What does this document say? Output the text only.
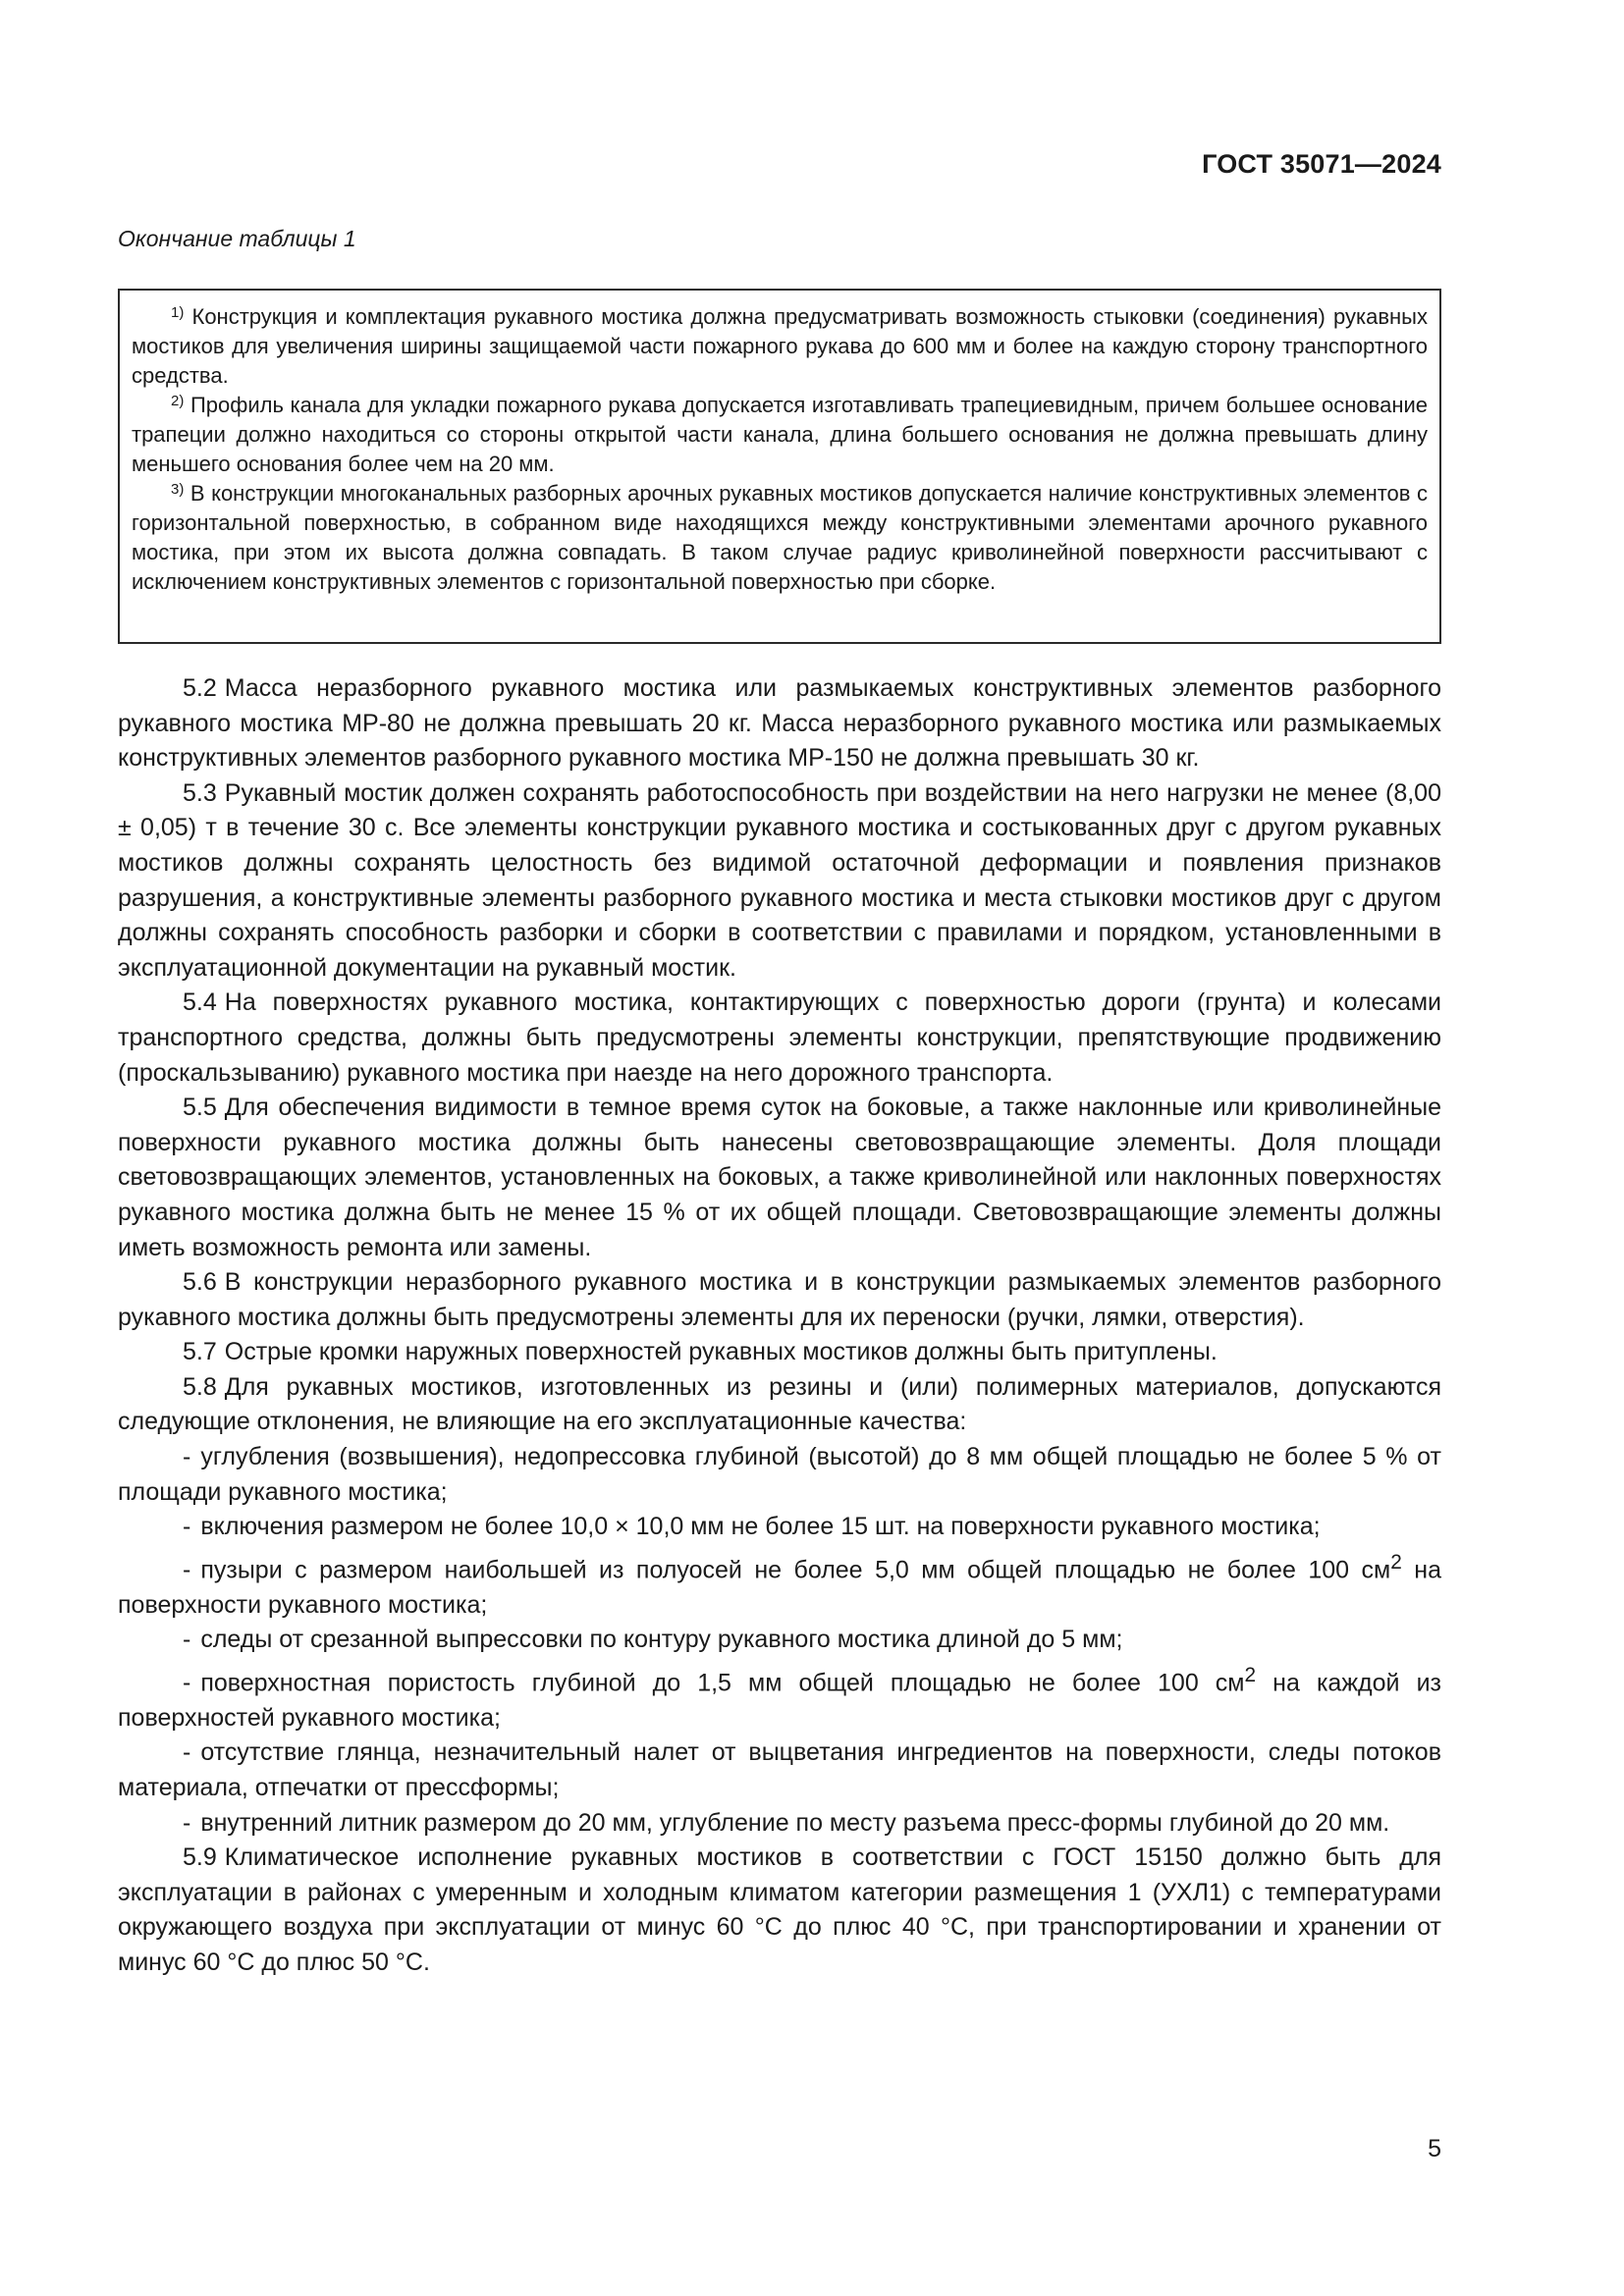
ГОСТ 35071—2024
Окончание таблицы 1

$^{1)}$ Конструкция и комплектация рукавного мостика должна предусматривать возможность стыковки (соединения) рукавных мостиков для увеличения ширины защищаемой части пожарного рукава до 600 мм и более на каждую сторону транспортного средства.

$^{2)}$ Профиль канала для укладки пожарного рукава допускается изготавливать трапециевидным, причем большее основание трапеции должно находиться со стороны открытой части канала, длина большего основания не должна превышать длину меньшего основания более чем на 20 мм.

$^{3)}$ В конструкции многоканальных разборных арочных рукавных мостиков допускается наличие конструктивных элементов с горизонтальной поверхностью, в собранном виде находящихся между конструктивными элементами арочного рукавного мостика, при этом их высота должна совпадать. В таком случае радиус криволинейной поверхности рассчитывают с исключением конструктивных элементов с горизонтальной поверхностью при сборке.

5.2 Масса неразборного рукавного мостика или размыкаемых конструктивных элементов разборного рукавного мостика МР-80 не должна превышать 20 кг. Масса неразборного рукавного мостика или размыкаемых конструктивных элементов разборного рукавного мостика МР-150 не должна превышать 30 кг.

5.3 Рукавный мостик должен сохранять работоспособность при воздействии на него нагрузки не менее (8,00 ± 0,05) т в течение 30 с. Все элементы конструкции рукавного мостика и состыкованных друг с другом рукавных мостиков должны сохранять целостность без видимой остаточной деформации и появления признаков разрушения, а конструктивные элементы разборного рукавного мостика и места стыковки мостиков друг с другом должны сохранять способность разборки и сборки в соответствии с правилами и порядком, установленными в эксплуатационной документации на рукавный мостик.

5.4 На поверхностях рукавного мостика, контактирующих с поверхностью дороги (грунта) и колесами транспортного средства, должны быть предусмотрены элементы конструкции, препятствующие продвижению (проскальзыванию) рукавного мостика при наезде на него дорожного транспорта.

5.5 Для обеспечения видимости в темное время суток на боковые, а также наклонные или криволинейные поверхности рукавного мостика должны быть нанесены световозвращающие элементы. Доля площади световозвращающих элементов, установленных на боковых, а также криволинейной или наклонных поверхностях рукавного мостика должна быть не менее 15 % от их общей площади. Световозвращающие элементы должны иметь возможность ремонта или замены.

5.6 В конструкции неразборного рукавного мостика и в конструкции размыкаемых элементов разборного рукавного мостика должны быть предусмотрены элементы для их переноски (ручки, лямки, отверстия).

5.7 Острые кромки наружных поверхностей рукавных мостиков должны быть притуплены.

5.8 Для рукавных мостиков, изготовленных из резины и (или) полимерных материалов, допускаются следующие отклонения, не влияющие на его эксплуатационные качества:

- углубления (возвышения), недопрессовка глубиной (высотой) до 8 мм общей площадью не более 5 % от площади рукавного мостика;

- включения размером не более 10,0 × 10,0 мм не более 15 шт. на поверхности рукавного мостика;

- пузыри с размером наибольшей из полуосей не более 5,0 мм общей площадью не более 100 $см^2$ на поверхности рукавного мостика;

- следы от срезанной выпрессовки по контуру рукавного мостика длиной до 5 мм;

- поверхностная пористость глубиной до 1,5 мм общей площадью не более 100 $см^2$ на каждой из поверхностей рукавного мостика;

- отсутствие глянца, незначительный налет от выцветания ингредиентов на поверхности, следы потоков материала, отпечатки от прессформы;

- внутренний литник размером до 20 мм, углубление по месту разъема пресс-формы глубиной до 20 мм.

5.9 Климатическое исполнение рукавных мостиков в соответствии с ГОСТ 15150 должно быть для эксплуатации в районах с умеренным и холодным климатом категории размещения 1 (УХЛ1) с температурами окружающего воздуха при эксплуатации от минус 60 °С до плюс 40 °С, при транспортировании и хранении от минус 60 °С до плюс 50 °С.

5
